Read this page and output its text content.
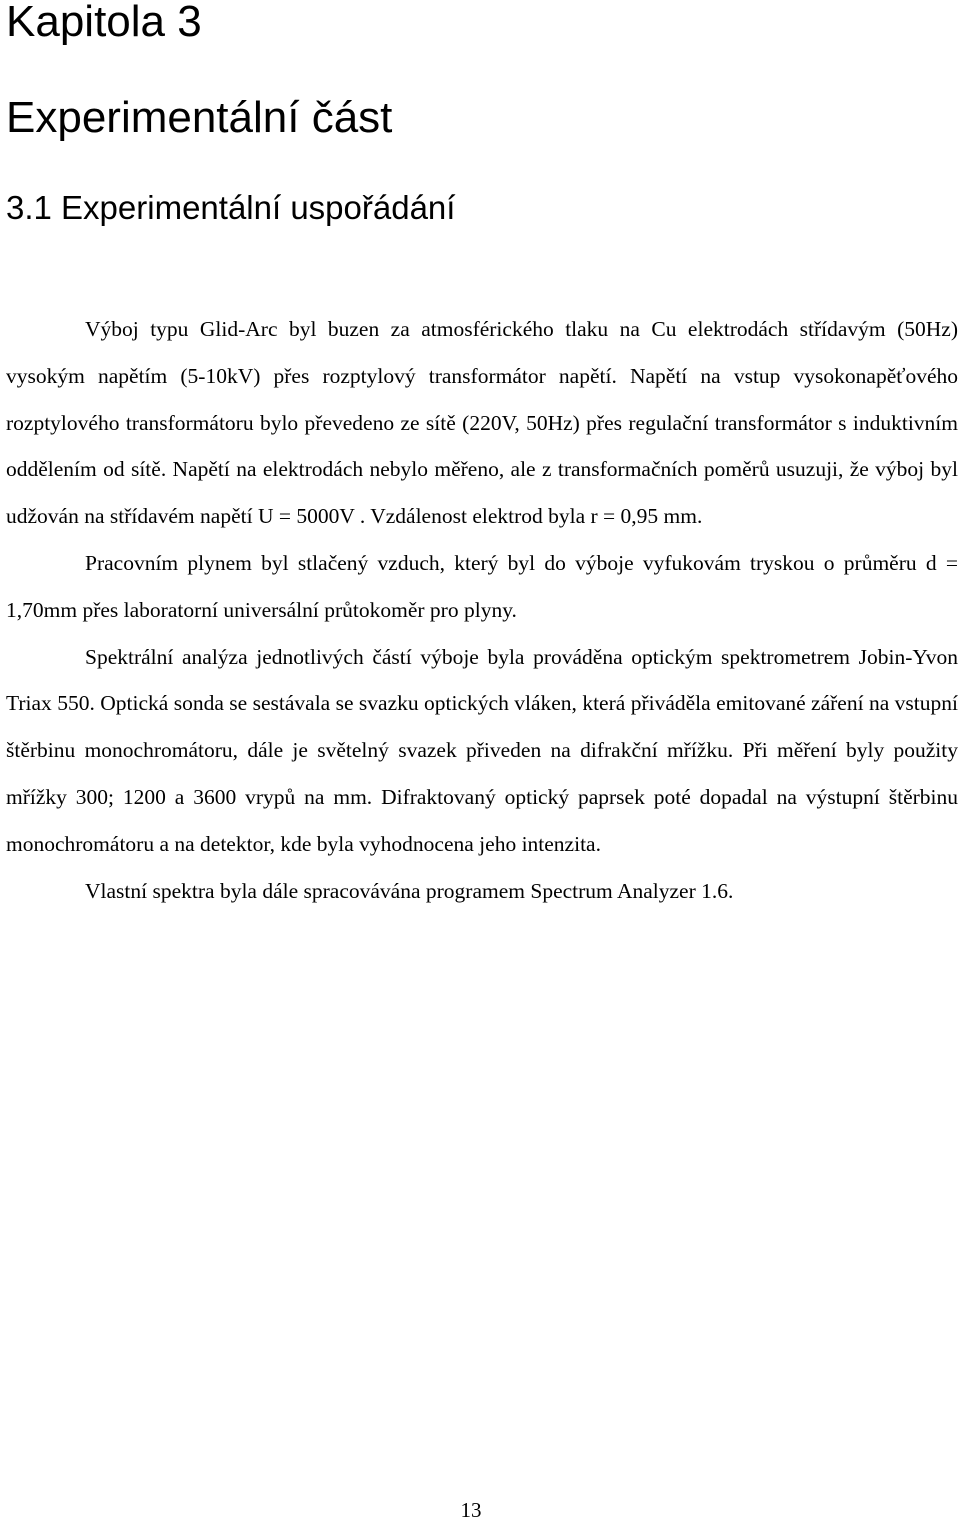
Kapitola 3
Experimentální část
3.1 Experimentální uspořádání

Výboj typu Glid-Arc byl buzen za atmosférického tlaku na Cu elektrodách střídavým (50Hz) vysokým napětím (5-10kV) přes rozptylový transformátor napětí. Napětí na vstup vysokonapěťového rozptylového transformátoru bylo převedeno ze sítě (220V, 50Hz) přes regulační transformátor s induktivním oddělením od sítě. Napětí na elektrodách nebylo měřeno, ale z transformačních poměrů usuzuji, že výboj byl udžován na střídavém napětí U = 5000V . Vzdálenost elektrod byla r = 0,95 mm.

Pracovním plynem byl stlačený vzduch, který byl do výboje vyfukovám tryskou o průměru d = 1,70mm přes laboratorní universální průtokoměr pro plyny.

Spektrální analýza jednotlivých částí výboje byla prováděna optickým spektrometrem Jobin-Yvon Triax 550. Optická sonda se sestávala se svazku optických vláken, která přiváděla emitované záření na vstupní štěrbinu monochromátoru, dále je světelný svazek přiveden na difrakční mřížku. Při měření byly použity mřížky 300; 1200 a 3600 vrypů na mm. Difraktovaný optický paprsek poté dopadal na výstupní štěrbinu monochromátoru a na detektor, kde byla vyhodnocena jeho intenzita.

Vlastní spektra byla dále spracovávána programem Spectrum Analyzer 1.6.

13
